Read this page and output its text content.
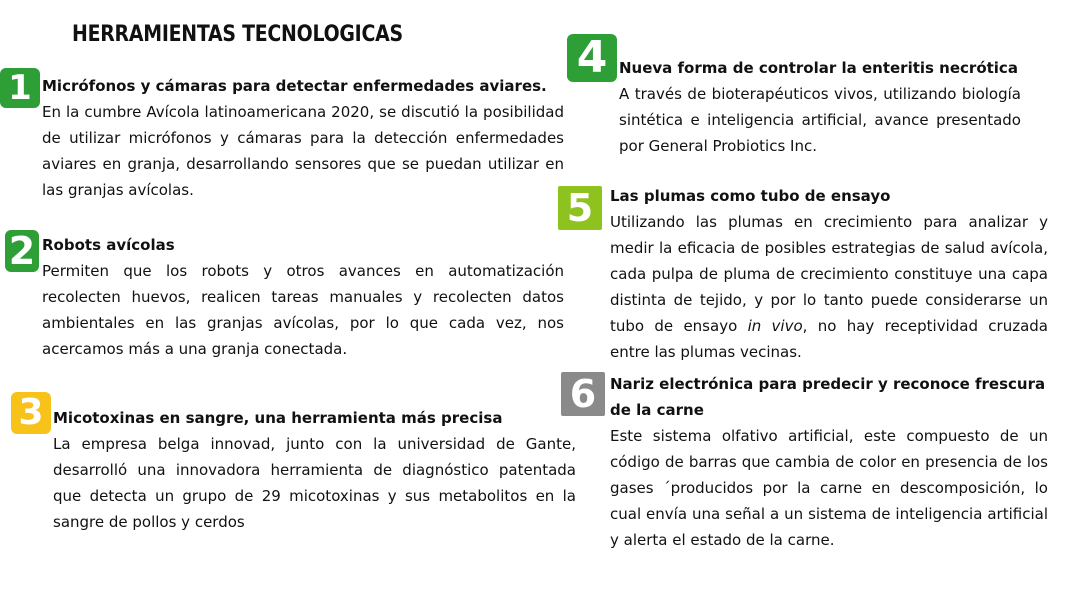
HERRAMIENTAS TECNOLOGICAS
1 Micrófonos y cámaras para detectar enfermedades aviares.

En la cumbre Avícola latinoamericana 2020, se discutió la posibilidad de utilizar micrófonos y cámaras para la detección enfermedades aviares en granja, desarrollando sensores que se puedan utilizar en las granjas avícolas.

2 Robots avícolas

Permiten que los robots y otros avances en automatización recolecten huevos, realicen tareas manuales y recolecten datos ambientales en las granjas avícolas, por lo que cada vez, nos acercamos más a una granja conectada.

3 Micotoxinas en sangre, una herramienta más precisa

La empresa belga innovad, junto con la universidad de Gante, desarrolló una innovadora herramienta de diagnóstico patentada que detecta un grupo de 29 micotoxinas y sus metabolitos en la sangre de pollos y cerdos

4 Nueva forma de controlar la enteritis necrótica

A través de bioterapéuticos vivos, utilizando biología sintética e inteligencia artificial, avance presentado por General Probiotics Inc.

5 Las plumas como tubo de ensayo

Utilizando las plumas en crecimiento para analizar y medir la eficacia de posibles estrategias de salud avícola, cada pulpa de pluma de crecimiento constituye una capa distinta de tejido, y por lo tanto puede considerarse un tubo de ensayo in vivo, no hay receptividad cruzada entre las plumas vecinas.

6 Nariz electrónica para predecir y reconoce frescura de la carne

Este sistema olfativo artificial, este compuesto de un código de barras que cambia de color en presencia de los gases ´producidos por la carne en descomposición, lo cual envía una señal a un sistema de inteligencia artificial y alerta el estado de la carne.
